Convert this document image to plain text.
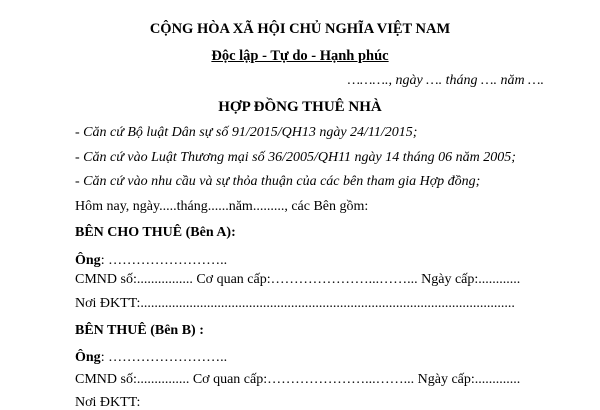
CỘNG HÒA XÃ HỘI CHỦ NGHĨA VIỆT NAM
Độc lập - Tự do - Hạnh phúc
………., ngày …. tháng …. năm ….
HỢP ĐỒNG THUÊ NHÀ
- Căn cứ Bộ luật Dân sự số 91/2015/QH13 ngày 24/11/2015;
- Căn cứ vào Luật Thương mại số 36/2005/QH11 ngày 14 tháng 06 năm 2005;
- Căn cứ vào nhu cầu và sự thỏa thuận của các bên tham gia Hợp đồng;
Hôm nay, ngày.....tháng......năm........., các Bên gồm:
BÊN CHO THUÊ (Bên A):
Ông: ……………………..
CMND số:................ Cơ quan cấp:…………………...……... Ngày cấp:............
Nơi ĐKTT:...........................................................................................................
BÊN THUÊ (Bên B) :
Ông: ……………………..
CMND số:............... Cơ quan cấp:…………………...……... Ngày cấp:.............
Nơi ĐKTT:
